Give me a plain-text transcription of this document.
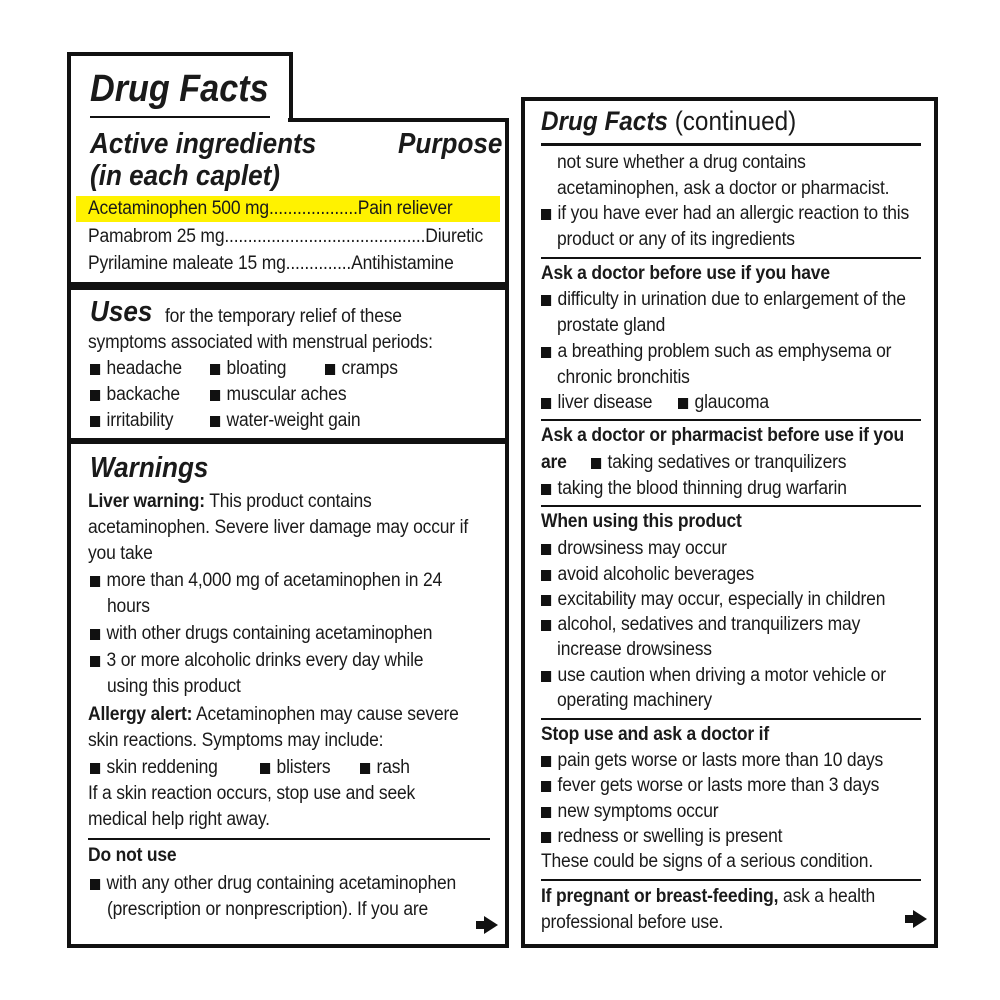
Drug Facts
Active ingredients
(in each caplet)
Purpose
Acetaminophen 500 mg...................Pain reliever
Pamabrom 25 mg...........................................Diuretic
Pyrilamine maleate 15 mg..............Antihistamine
Uses for the temporary relief of these
symptoms associated with menstrual periods:
headache	bloating	cramps
backache	muscular aches
irritability	water-weight gain
Warnings
Liver warning: This product contains
acetaminophen. Severe liver damage may occur if
you take
more than 4,000 mg of acetaminophen in 24
hours
with other drugs containing acetaminophen
3 or more alcoholic drinks every day while
using this product
Allergy alert: Acetaminophen may cause severe
skin reactions. Symptoms may include:
skin reddening	blisters	rash
If a skin reaction occurs, stop use and seek
medical help right away.
Do not use
with any other drug containing acetaminophen
(prescription or nonprescription). If you are
Drug Facts (continued)
not sure whether a drug contains
acetaminophen, ask a doctor or pharmacist.
if you have ever had an allergic reaction to this
product or any of its ingredients
Ask a doctor before use if you have
difficulty in urination due to enlargement of the
prostate gland
a breathing problem such as emphysema or
chronic bronchitis
liver disease	glaucoma
Ask a doctor or pharmacist before use if you
are	taking sedatives or tranquilizers
taking the blood thinning drug warfarin
When using this product
drowsiness may occur
avoid alcoholic beverages
excitability may occur, especially in children
alcohol, sedatives and tranquilizers may
increase drowsiness
use caution when driving a motor vehicle or
operating machinery
Stop use and ask a doctor if
pain gets worse or lasts more than 10 days
fever gets worse or lasts more than 3 days
new symptoms occur
redness or swelling is present
These could be signs of a serious condition.
If pregnant or breast-feeding, ask a health
professional before use.
